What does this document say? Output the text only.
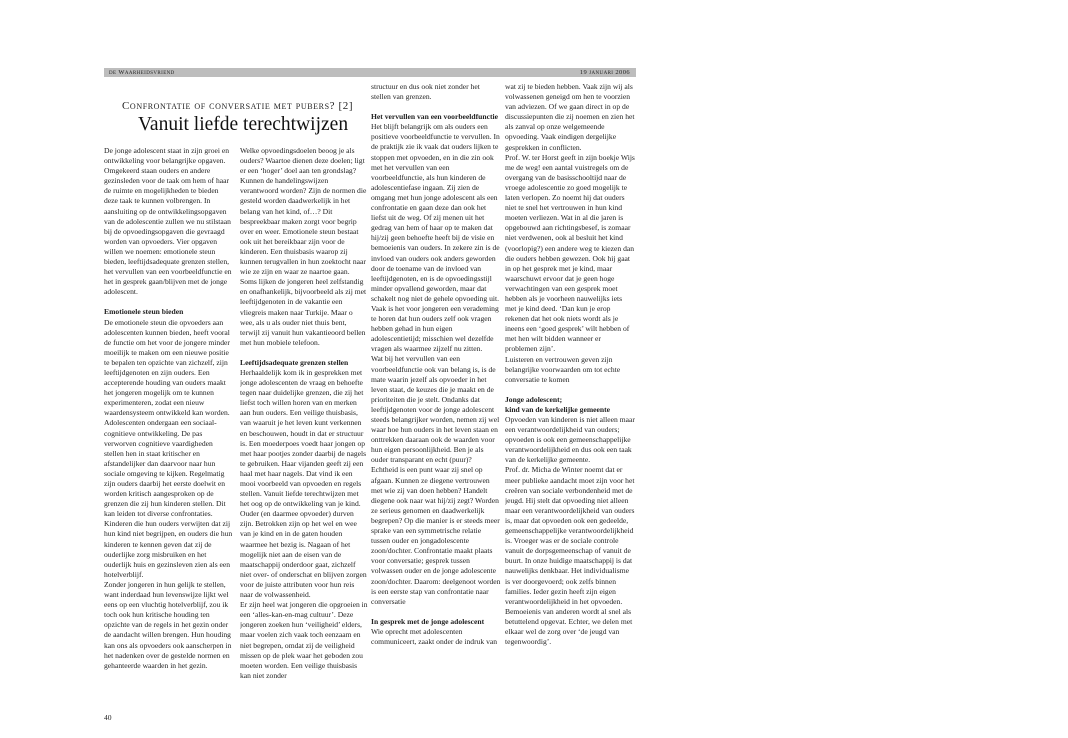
de Waarheidsvriend	19 januari 2006
Confrontatie of conversatie met pubers? [2]
Vanuit liefde terechtwijzen

De jonge adolescent staat in zijn groei en ontwikkeling voor belangrijke opgaven. Omgekeerd staan ouders en andere gezinsleden voor de taak om hem of haar de ruimte en mogelijkheden te bieden deze taak te kunnen volbrengen. In aansluiting op de ontwikkelingsopgaven van de adolescentie zullen we nu stilstaan bij de opvoedingsopgaven die gevraagd worden van opvoeders. Vier opgaven willen we noemen: emotionele steun bieden, leeftijdsadequate grenzen stellen, het vervullen van een voorbeeldfunctie en het in gesprek gaan/blijven met de jonge adolescent.

Emotionele steun bieden

De emotionele steun die opvoeders aan adolescenten kunnen bieden, heeft vooral de functie om het voor de jongere minder moeilijk te maken om een nieuwe positie te bepalen ten opzichte van zichzelf, zijn leeftijdgenoten en zijn ouders. Een accepterende houding van ouders maakt het jongeren mogelijk om te kunnen experimenteren, zodat een nieuw waardensysteem ontwikkeld kan worden. Adolescenten ondergaan een sociaal-cognitieve ontwikkeling. De pas verworven cognitieve vaardigheden stellen hen in staat kritischer en afstandelijker dan daarvoor naar hun sociale omgeving te kijken. Regelmatig zijn ouders daarbij het eerste doelwit en worden kritisch aangesproken op de grenzen die zij hun kinderen stellen. Dit kan leiden tot diverse confrontaties. Kinderen die hun ouders verwijten dat zij hun kind niet begrijpen, en ouders die hun kinderen te kennen geven dat zij de ouderlijke zorg misbruiken en het ouderlijk huis en gezinsleven zien als een hotelverblijf.

Zonder jongeren in hun gelijk te stellen, want inderdaad hun levenswijze lijkt wel eens op een vluchtig hotelverblijf, zou ik toch ook hun kritische houding ten opzichte van de regels in het gezin onder de aandacht willen brengen. Hun houding kan ons als opvoeders ook aanscherpen in het nadenken over de gestelde normen en gehanteerde waarden in het gezin.

Welke opvoedingsdoelen beoog je als ouders? Waartoe dienen deze doelen; ligt er een ‘hoger’ doel aan ten grondslag? Kunnen de handelingswijzen verantwoord worden? Zijn de normen die gesteld worden daadwerkelijk in het belang van het kind, of…? Dit bespreekbaar maken zorgt voor begrip over en weer. Emotionele steun bestaat ook uit het bereikbaar zijn voor de kinderen. Een thuisbasis waarop zij kunnen terugvallen in hun zoektocht naar wie ze zijn en waar ze naartoe gaan. Soms lijken de jongeren heel zelfstandig en onafhankelijk, bijvoorbeeld als zij met leeftijdgenoten in de vakantie een vliegreis maken naar Turkije. Maar o wee, als u als ouder niet thuis bent, terwijl zij vanuit hun vakantieoord bellen met hun mobiele telefoon.

Leeftijdsadequate grenzen stellen

Herhaaldelijk kom ik in gesprekken met jonge adolescenten de vraag en behoefte tegen naar duidelijke grenzen, die zij het liefst toch willen horen van en merken aan hun ouders. Een veilige thuisbasis, van waaruit je het leven kunt verkennen en beschouwen, houdt in dat er structuur is. Een moederpoes voedt haar jongen op met haar pootjes zonder daarbij de nagels te gebruiken. Haar vijanden geeft zij een haal met haar nagels. Dat vind ik een mooi voorbeeld van opvoeden en regels stellen. Vanuit liefde terechtwijzen met het oog op de ontwikkeling van je kind. Ouder (en daarmee opvoeder) durven zijn. Betrokken zijn op het wel en wee van je kind en in de gaten houden waarmee het bezig is. Nagaan of het mogelijk niet aan de eisen van de maatschappij onderdoor gaat, zichzelf niet over- of onderschat en blijven zorgen voor de juiste attributen voor hun reis naar de volwassenheid.

Er zijn heel wat jongeren die opgroeien in een ‘alles-kan-en-mag cultuur’. Deze jongeren zoeken hun ‘veiligheid’ elders, maar voelen zich vaak toch eenzaam en niet begrepen, omdat zij de veiligheid missen op de plek waar het geboden zou moeten worden. Een veilige thuisbasis kan niet zonder

structuur en dus ook niet zonder het stellen van grenzen.

Het vervullen van een voorbeeldfunctie

Het blijft belangrijk om als ouders een positieve voorbeeldfunctie te vervullen. In de praktijk zie ik vaak dat ouders lijken te stoppen met opvoeden, en in die zin ook met het vervullen van een voorbeeldfunctie, als hun kinderen de adolescentiefase ingaan. Zij zien de omgang met hun jonge adolescent als een confrontatie en gaan deze dan ook het liefst uit de weg. Of zij menen uit het gedrag van hem of haar op te maken dat hij/zij geen behoefte heeft bij de visie en bemoeienis van ouders. In zekere zin is de invloed van ouders ook anders geworden door de toename van de invloed van leeftijdgenoten, en is de opvoedingsstijl minder opvallend geworden, maar dat schakelt nog niet de gehele opvoeding uit.

Vaak is het voor jongeren een verademing te horen dat hun ouders zelf ook vragen hebben gehad in hun eigen adolescentietijd; misschien wel dezelfde vragen als waarmee zijzelf nu zitten.

Wat bij het vervullen van een voorbeeldfunctie ook van belang is, is de mate waarin jezelf als opvoeder in het leven staat, de keuzes die je maakt en de prioriteiten die je stelt. Ondanks dat leeftijdgenoten voor de jonge adolescent steeds belangrijker worden, nemen zij wel waar hoe hun ouders in het leven staan en onttrekken daaraan ook de waarden voor hun eigen persoonlijkheid. Ben je als ouder transparant en echt (puur)?

Echtheid is een punt waar zij snel op afgaan. Kunnen ze diegene vertrouwen met wie zij van doen hebben? Handelt diegene ook naar wat hij/zij zegt? Worden ze serieus genomen en daadwerkelijk begrepen? Op die manier is er steeds meer sprake van een symmetrische relatie tussen ouder en jongadolescente zoon/dochter. Confrontatie maakt plaats voor conversatie; gesprek tussen volwassen ouder en de jonge adolescente zoon/dochter. Daarom: deelgenoot worden is een eerste stap van confrontatie naar conversatie

In gesprek met de jonge adolescent

Wie oprecht met adolescenten communiceert, zaakt onder de indruk van

wat zij te bieden hebben. Vaak zijn wij als volwassenen geneigd om hen te voorzien van adviezen. Of we gaan direct in op de discussiepunten die zij noemen en zien het als zanval op onze welgemeende opvoeding. Vaak eindigen dergelijke gesprekken in conflicten.

Prof. W. ter Horst geeft in zijn boekje Wijs me de weg! een aantal vuistregels om de overgang van de basisschooltijd naar de vroege adolescentie zo goed mogelijk te laten verlopen. Zo noemt hij dat ouders niet te snel het vertrouwen in hun kind moeten verliezen. Wat in al die jaren is opgebouwd aan richtingsbesef, is zomaar niet verdwenen, ook al besluit het kind (voorlopig?) een andere weg te kiezen dan die ouders hebben gewezen. Ook hij gaat in op het gesprek met je kind, maar waarschuwt ervoor dat je geen hoge verwachtingen van een gesprek moet hebben als je voorheen nauwelijks iets met je kind deed. ‘Dan kun je erop rekenen dat het ook niets wordt als je ineens een ‘goed gesprek’ wilt hebben of met hen wilt bidden wanneer er problemen zijn’.

Luisteren en vertrouwen geven zijn belangrijke voorwaarden om tot echte conversatie te komen

Jonge adolescent;

kind van de kerkelijke gemeente

Opvoeden van kinderen is niet alleen maar een verantwoordelijkheid van ouders; opvoeden is ook een gemeenschappelijke verantwoordelijkheid en dus ook een taak van de kerkelijke gemeente.

Prof. dr. Micha de Winter noemt dat er meer publieke aandacht moet zijn voor het creëren van sociale verbondenheid met de jeugd. Hij stelt dat opvoeding niet alleen maar een verantwoordelijkheid van ouders is, maar dat opvoeden ook een gedeelde, gemeenschappelijke verantwoordelijkheid is. Vroeger was er de sociale controle vanuit de dorpsgemeenschap of vanuit de buurt. In onze huidige maatschappij is dat nauwelijks denkbaar. Het individualisme is ver doorgevoerd; ook zelfs binnen families. Ieder gezin heeft zijn eigen verantwoordelijkheid in het opvoeden. Bemoeienis van anderen wordt al snel als betuttelend opgevat. Echter, we delen met elkaar wel de zorg over ‘de jeugd van tegenwoordig’.

40
